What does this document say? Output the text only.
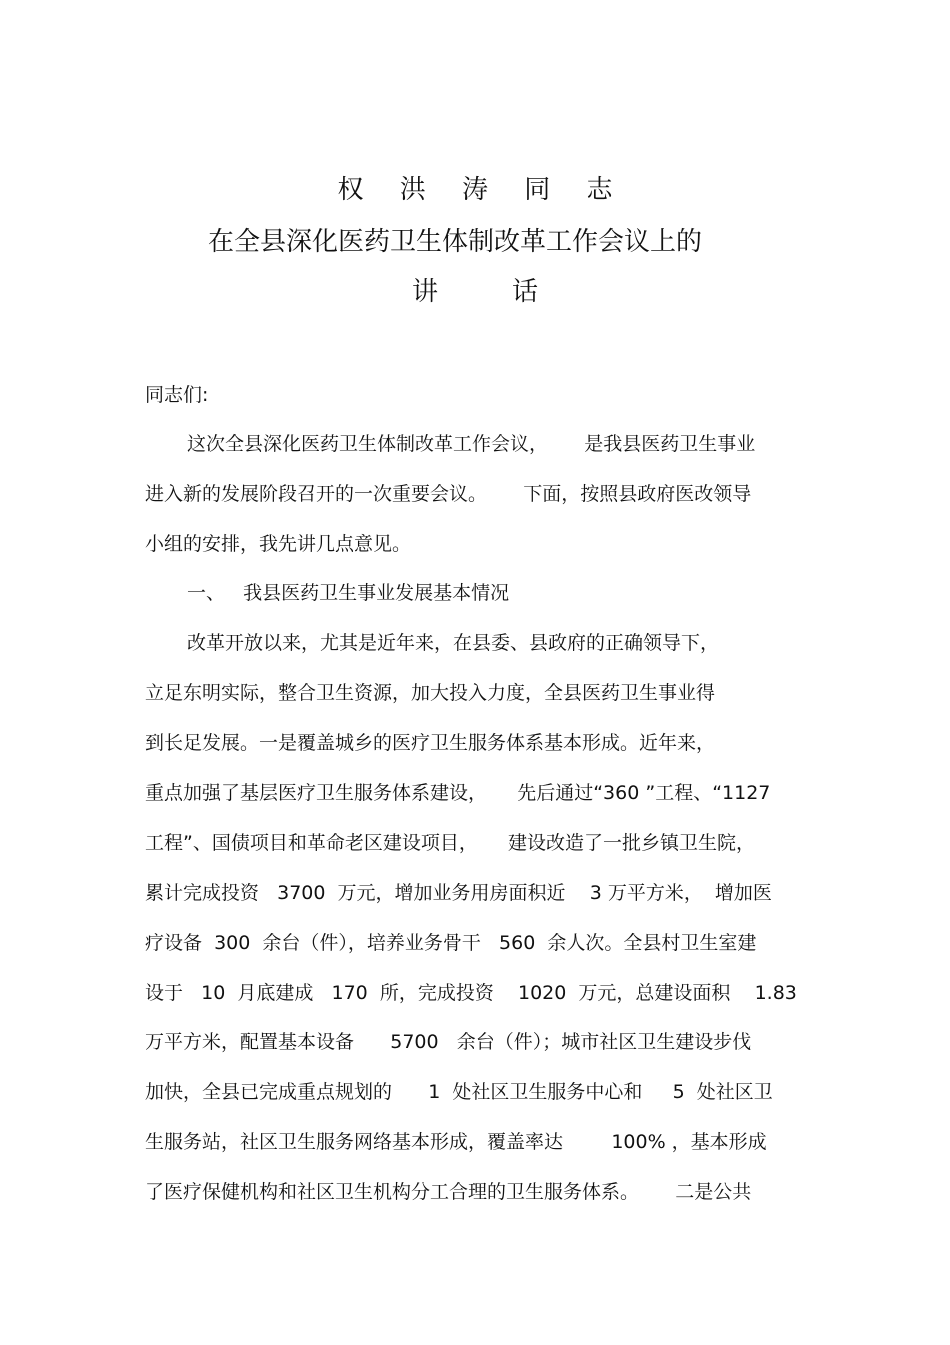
权 洪 涛 同 志
在全县深化医药卫生体制改革工作会议上的
讲	话
同志们:
这次全县深化医药卫生体制改革工作会议，      是我县医药卫生事业
进入新的发展阶段召开的一次重要会议。      下面，按照县政府医改领导
小组的安排，我先讲几点意见。
一、   我县医药卫生事业发展基本情况
改革开放以来，尤其是近年来，在县委、县政府的正确领导下，
立足东明实际，整合卫生资源，加大投入力度，全县医药卫生事业得
到长足发展。一是覆盖城乡的医疗卫生服务体系基本形成。近年来，
重点加强了基层医疗卫生服务体系建设，     先后通过“360 ”工程、“1127
工程”、国债项目和革命老区建设项目，     建设改造了一批乡镇卫生院，
累计完成投资   3700  万元，增加业务用房面积近    3 万平方米，  增加医
疗设备  300  余台（件），培养业务骨干   560  余人次。全县村卫生室建
设于   10  月底建成   170  所，完成投资    1020  万元，总建设面积    1.83
万平方米，配置基本设备      5700   余台（件）；城市社区卫生建设步伐
加快，全县已完成重点规划的      1  处社区卫生服务中心和     5  处社区卫
生服务站，社区卫生服务网络基本形成，覆盖率达        100% ，基本形成
了医疗保健机构和社区卫生机构分工合理的卫生服务体系。      二是公共
